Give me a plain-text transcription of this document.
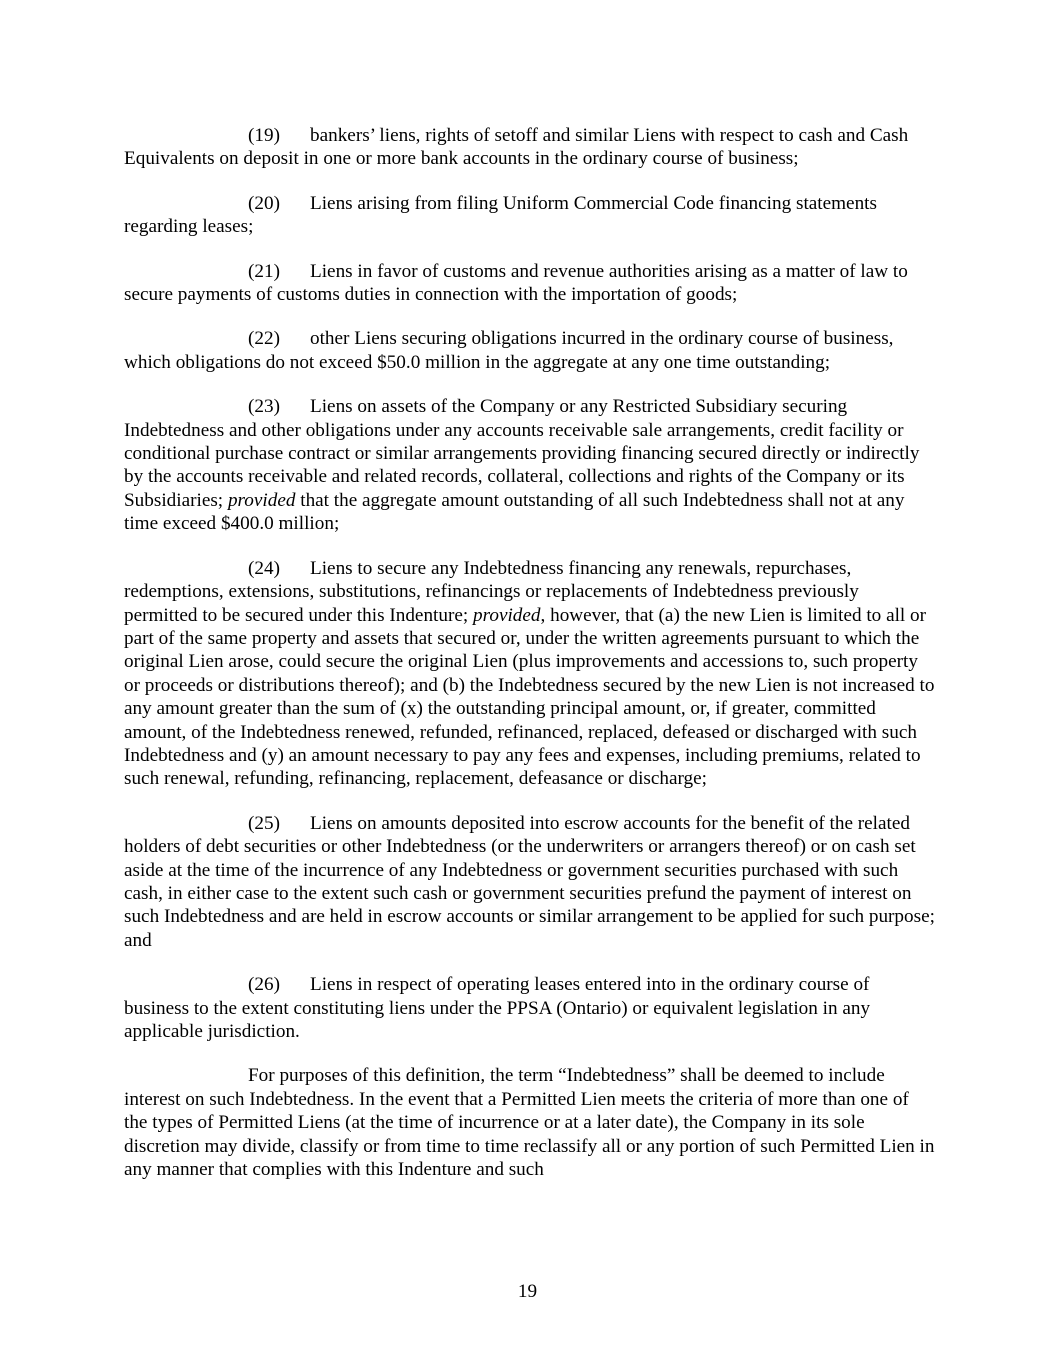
(19) bankers’ liens, rights of setoff and similar Liens with respect to cash and Cash Equivalents on deposit in one or more bank accounts in the ordinary course of business;

(20) Liens arising from filing Uniform Commercial Code financing statements regarding leases;

(21) Liens in favor of customs and revenue authorities arising as a matter of law to secure payments of customs duties in connection with the importation of goods;

(22) other Liens securing obligations incurred in the ordinary course of business, which obligations do not exceed $50.0 million in the aggregate at any one time outstanding;

(23) Liens on assets of the Company or any Restricted Subsidiary securing Indebtedness and other obligations under any accounts receivable sale arrangements, credit facility or conditional purchase contract or similar arrangements providing financing secured directly or indirectly by the accounts receivable and related records, collateral, collections and rights of the Company or its Subsidiaries; provided that the aggregate amount outstanding of all such Indebtedness shall not at any time exceed $400.0 million;

(24) Liens to secure any Indebtedness financing any renewals, repurchases, redemptions, extensions, substitutions, refinancings or replacements of Indebtedness previously permitted to be secured under this Indenture; provided, however, that (a) the new Lien is limited to all or part of the same property and assets that secured or, under the written agreements pursuant to which the original Lien arose, could secure the original Lien (plus improvements and accessions to, such property or proceeds or distributions thereof); and (b) the Indebtedness secured by the new Lien is not increased to any amount greater than the sum of (x) the outstanding principal amount, or, if greater, committed amount, of the Indebtedness renewed, refunded, refinanced, replaced, defeased or discharged with such Indebtedness and (y) an amount necessary to pay any fees and expenses, including premiums, related to such renewal, refunding, refinancing, replacement, defeasance or discharge;

(25) Liens on amounts deposited into escrow accounts for the benefit of the related holders of debt securities or other Indebtedness (or the underwriters or arrangers thereof) or on cash set aside at the time of the incurrence of any Indebtedness or government securities purchased with such cash, in either case to the extent such cash or government securities prefund the payment of interest on such Indebtedness and are held in escrow accounts or similar arrangement to be applied for such purpose; and

(26) Liens in respect of operating leases entered into in the ordinary course of business to the extent constituting liens under the PPSA (Ontario) or equivalent legislation in any applicable jurisdiction.

For purposes of this definition, the term “Indebtedness” shall be deemed to include interest on such Indebtedness. In the event that a Permitted Lien meets the criteria of more than one of the types of Permitted Liens (at the time of incurrence or at a later date), the Company in its sole discretion may divide, classify or from time to time reclassify all or any portion of such Permitted Lien in any manner that complies with this Indenture and such

19
